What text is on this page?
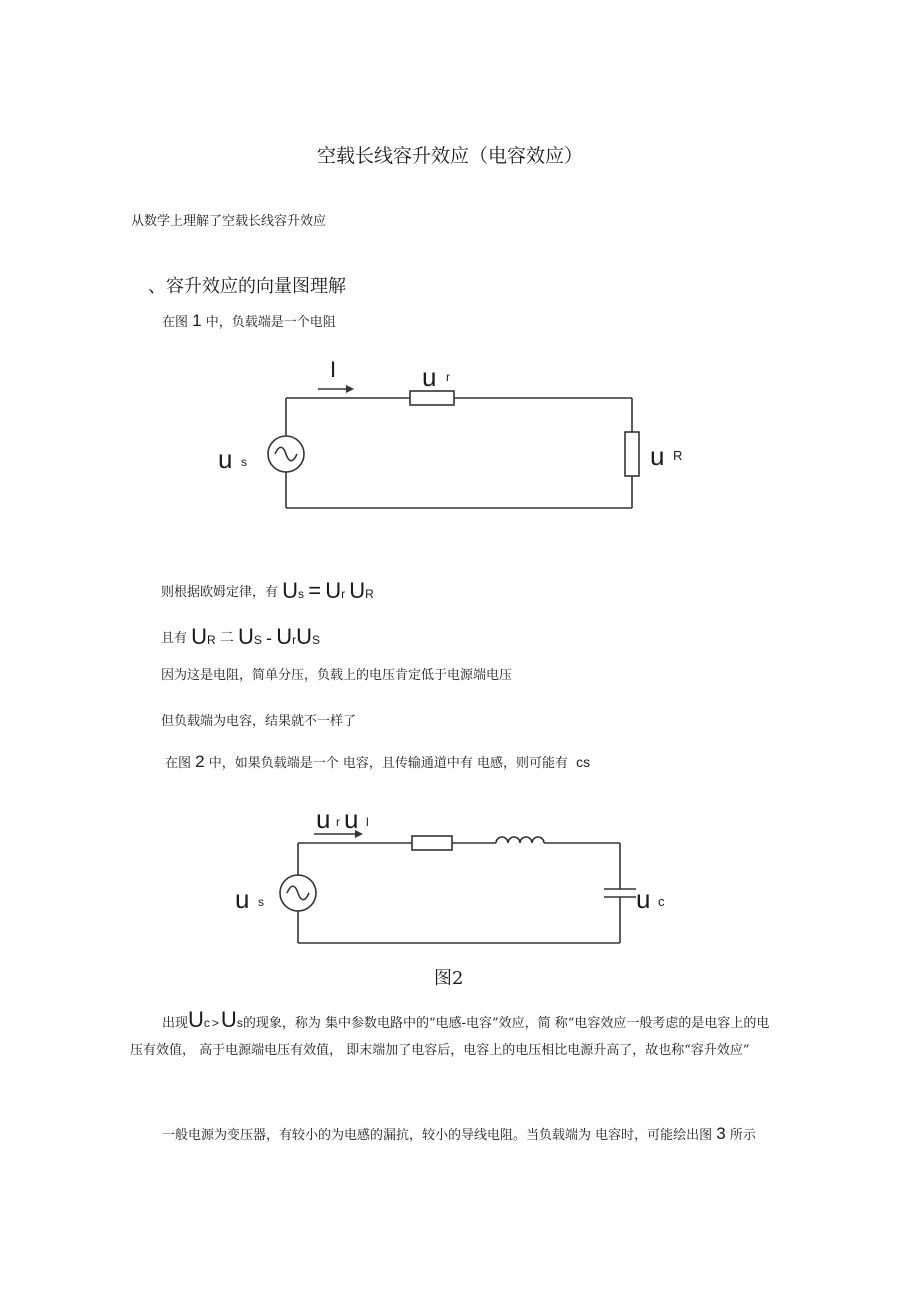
空载长线容升效应（电容效应）
从数学上理解了空载长线容升效应
、容升效应的向量图理解
在图 1 中，负载端是一个电阻
I	u r
u s	u R
则根据欧姆定律，有 Us = Ur UR
且有 UR 二 US - UrUS
因为这是电阻，简单分压，负载上的电压肯定低于电源端电压
但负载端为电容，结果就不一样了
在图 2 中，如果负载端是一个 电容，且传输通道中有 电感，则可能有 cs
u r u l
u s	u c
图2
出现Uc >Us的现象，称为 集中参数电路中的“电感-电容”效应，简 称“电容效应一般考虑的是电容上的电压有效值， 高于电源端电压有效值， 即末端加了电容后，电容上的电压相比电源升高了，故也称“容升效应”
一般电源为变压器，有较小的为电感的漏抗，较小的导线电阻。当负载端为 电容时，可能绘出图 3 所示
